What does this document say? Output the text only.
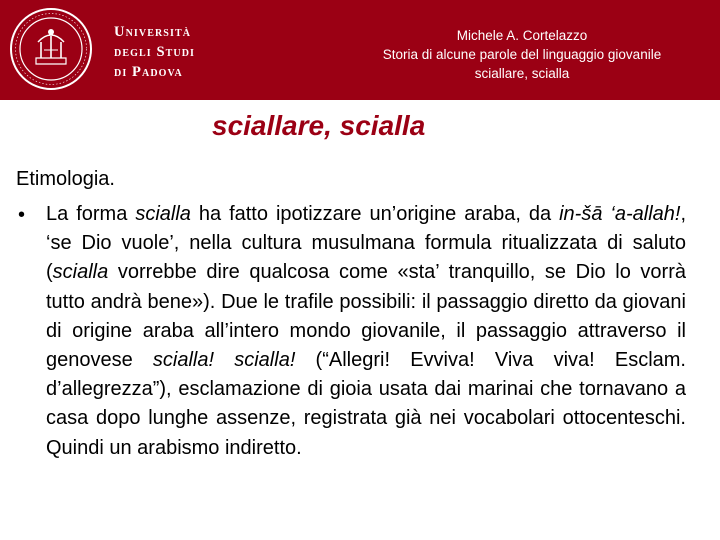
Università
degli Studi
di Padova
Michele A. Cortelazzo
Storia di alcune parole del linguaggio giovanile
sciallare, scialla
sciallare, scialla
Etimologia.
• La forma scialla ha fatto ipotizzare un’origine araba, da in-šā ‘a-allah!, ‘se Dio vuole’, nella cultura musulmana formula ritualizzata di saluto (scialla vorrebbe dire qualcosa come «sta’ tranquillo, se Dio lo vorrà tutto andrà bene»). Due le trafile possibili: il passaggio diretto da giovani di origine araba all’intero mondo giovanile, il passaggio attraverso il genovese scialla! scialla! (“Allegri! Evviva! Viva viva! Esclam. d’allegrezza”), esclamazione di gioia usata dai marinai che tornavano a casa dopo lunghe assenze, registrata già nei vocabolari ottocenteschi. Quindi un arabismo indiretto.
